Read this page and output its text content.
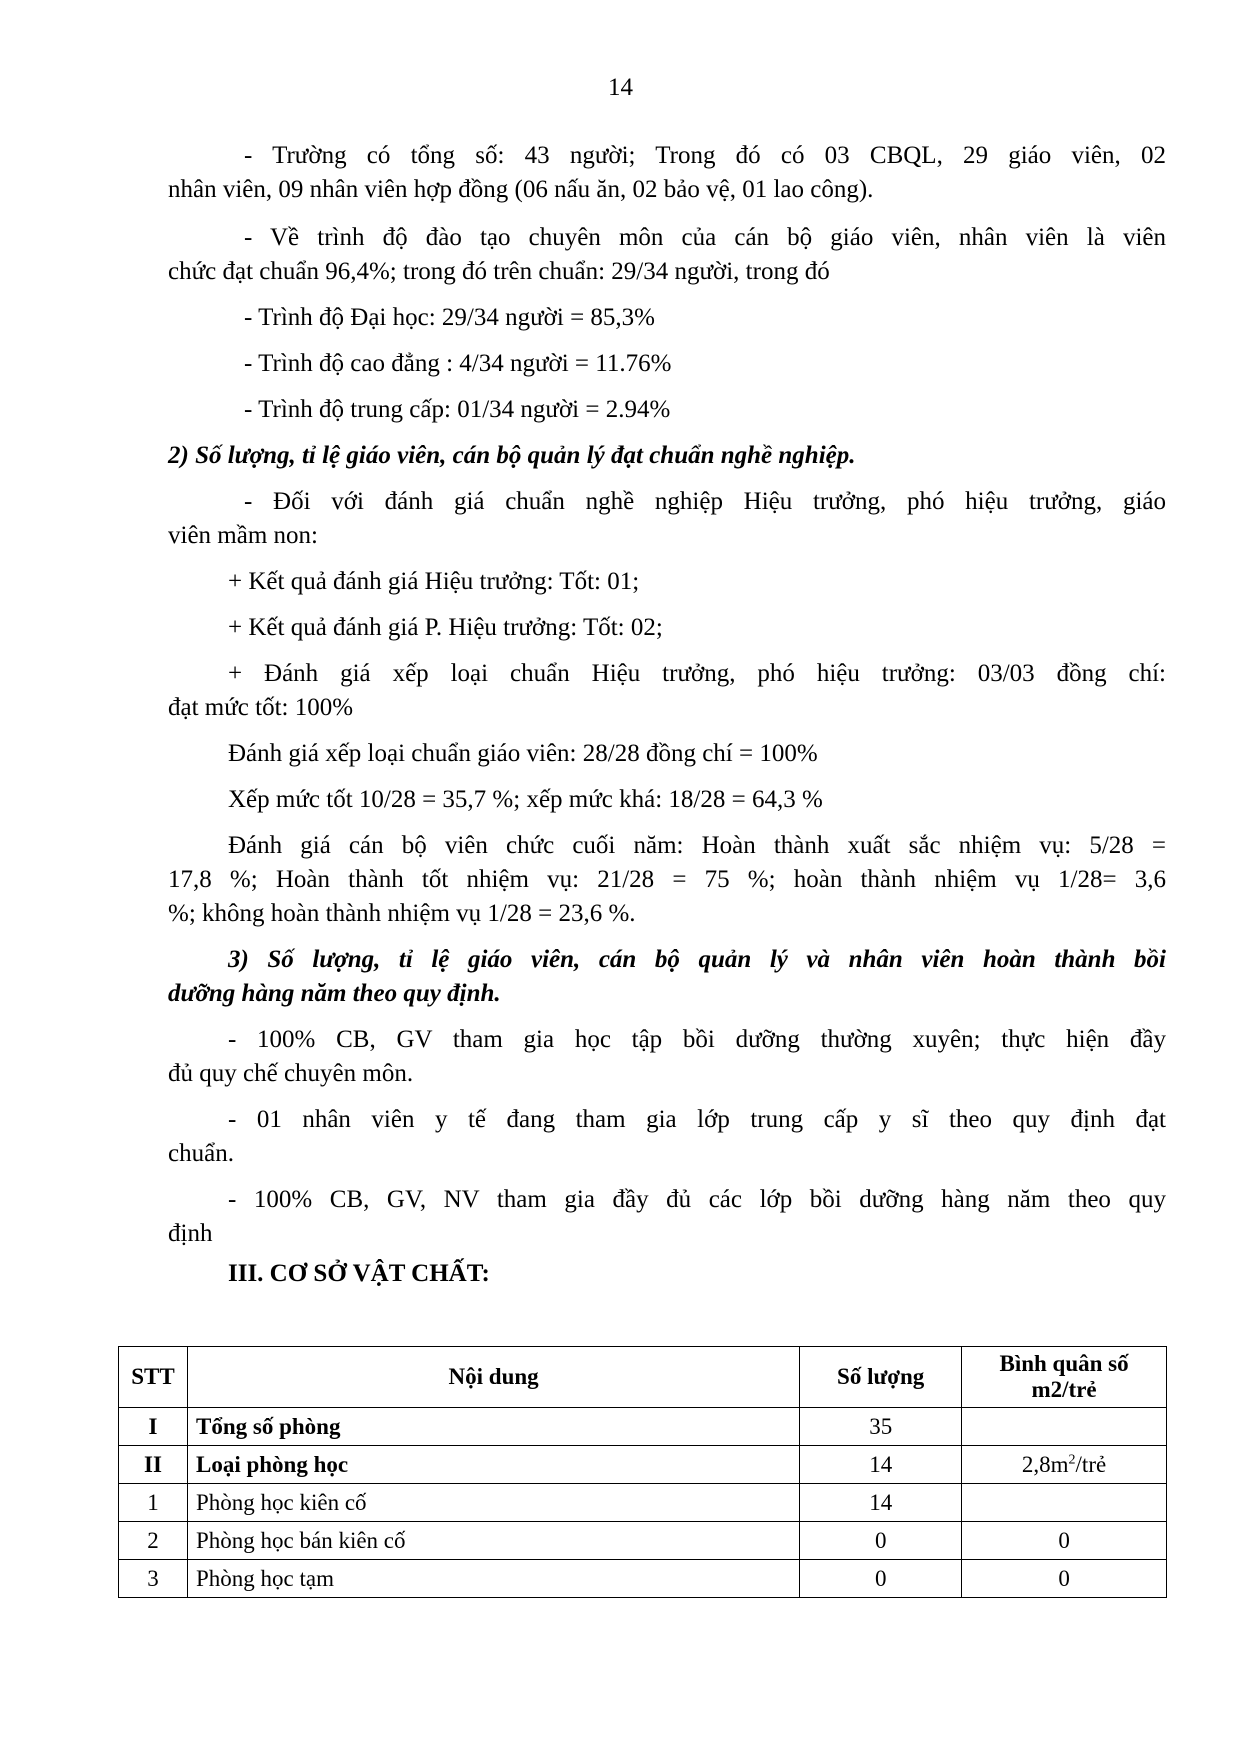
14
- Trường có tổng số: 43 người; Trong đó có 03 CBQL, 29 giáo viên, 02
nhân viên, 09 nhân viên hợp đồng (06 nấu ăn, 02 bảo vệ, 01 lao công).
- Về trình độ đào tạo chuyên môn của cán bộ giáo viên, nhân viên là viên
chức đạt chuẩn 96,4%; trong đó trên chuẩn: 29/34 người, trong đó
- Trình độ Đại học: 29/34 người = 85,3%
- Trình độ cao đẳng : 4/34 người = 11.76%
- Trình độ trung cấp: 01/34 người = 2.94%
2) Số lượng, tỉ lệ giáo viên, cán bộ quản lý đạt chuẩn nghề nghiệp.
- Đối với đánh giá chuẩn nghề nghiệp Hiệu trưởng, phó hiệu trưởng, giáo
viên mầm non:
+ Kết quả đánh giá Hiệu trưởng: Tốt: 01;
+ Kết quả đánh giá P. Hiệu trưởng: Tốt: 02;
+ Đánh giá xếp loại chuẩn Hiệu trưởng, phó hiệu trưởng: 03/03 đồng chí:
đạt mức tốt: 100%
Đánh giá xếp loại chuẩn giáo viên: 28/28 đồng chí = 100%
Xếp mức tốt 10/28 = 35,7 %; xếp mức khá: 18/28 = 64,3 %
Đánh giá cán bộ viên chức cuối năm: Hoàn thành xuất sắc nhiệm vụ: 5/28 =
17,8 %; Hoàn thành tốt nhiệm vụ: 21/28 = 75 %; hoàn thành nhiệm vụ 1/28= 3,6
%; không hoàn thành nhiệm vụ 1/28 = 23,6 %.
3) Số lượng, tỉ lệ giáo viên, cán bộ quản lý và nhân viên hoàn thành bồi
dưỡng hàng năm theo quy định.
- 100% CB, GV tham gia học tập bồi dưỡng thường xuyên; thực hiện đầy
đủ quy chế chuyên môn.
- 01 nhân viên y tế đang tham gia lớp trung cấp y sĩ theo quy định đạt
chuẩn.
- 100% CB, GV, NV tham gia đầy đủ các lớp bồi dưỡng hàng năm theo quy
định
III. CƠ SỞ VẬT CHẤT:
STT	Nội dung	Số lượng	Bình quân số
m2/trẻ
I	Tổng số phòng	35	
II	Loại phòng học	14	$2,8m^2$/trẻ
1	Phòng học kiên cố	14	
2	Phòng học bán kiên cố	0	0
3	Phòng học tạm	0	0
